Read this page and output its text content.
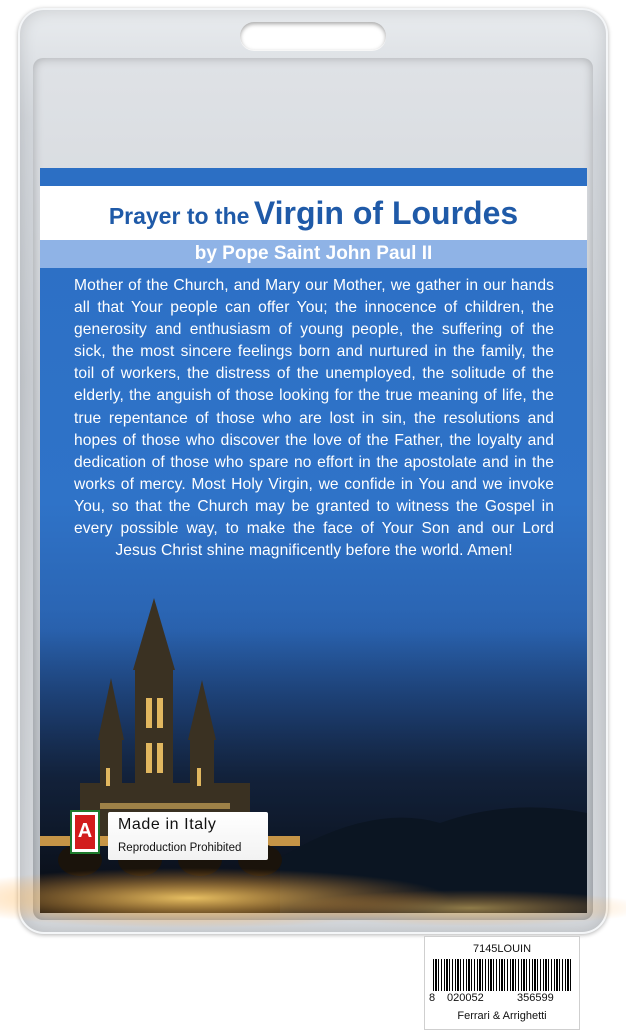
Prayer to the Virgin of Lourdes
by Pope Saint John Paul II
Mother of the Church, and Mary our Mother, we gather in our hands all that Your people can offer You; the innocence of children, the generosity and enthusiasm of young people, the suffering of the sick, the most sincere feelings born and nurtured in the family, the toil of workers, the distress of the unemployed, the solitude of the elderly, the anguish of those looking for the true meaning of life, the true repentance of those who are lost in sin, the resolutions and hopes of those who discover the love of the Father, the loyalty and dedication of those who spare no effort in the apostolate and in the works of mercy. Most Holy Virgin, we confide in You and we invoke You, so that the Church may be granted to witness the Gospel in every possible way, to make the face of Your Son and our Lord Jesus Christ shine magnificently before the world. Amen!
7145LOUIN
8 020052	356599
Ferrari & Arrighetti
A Made in Italy
Reproduction Prohibited
